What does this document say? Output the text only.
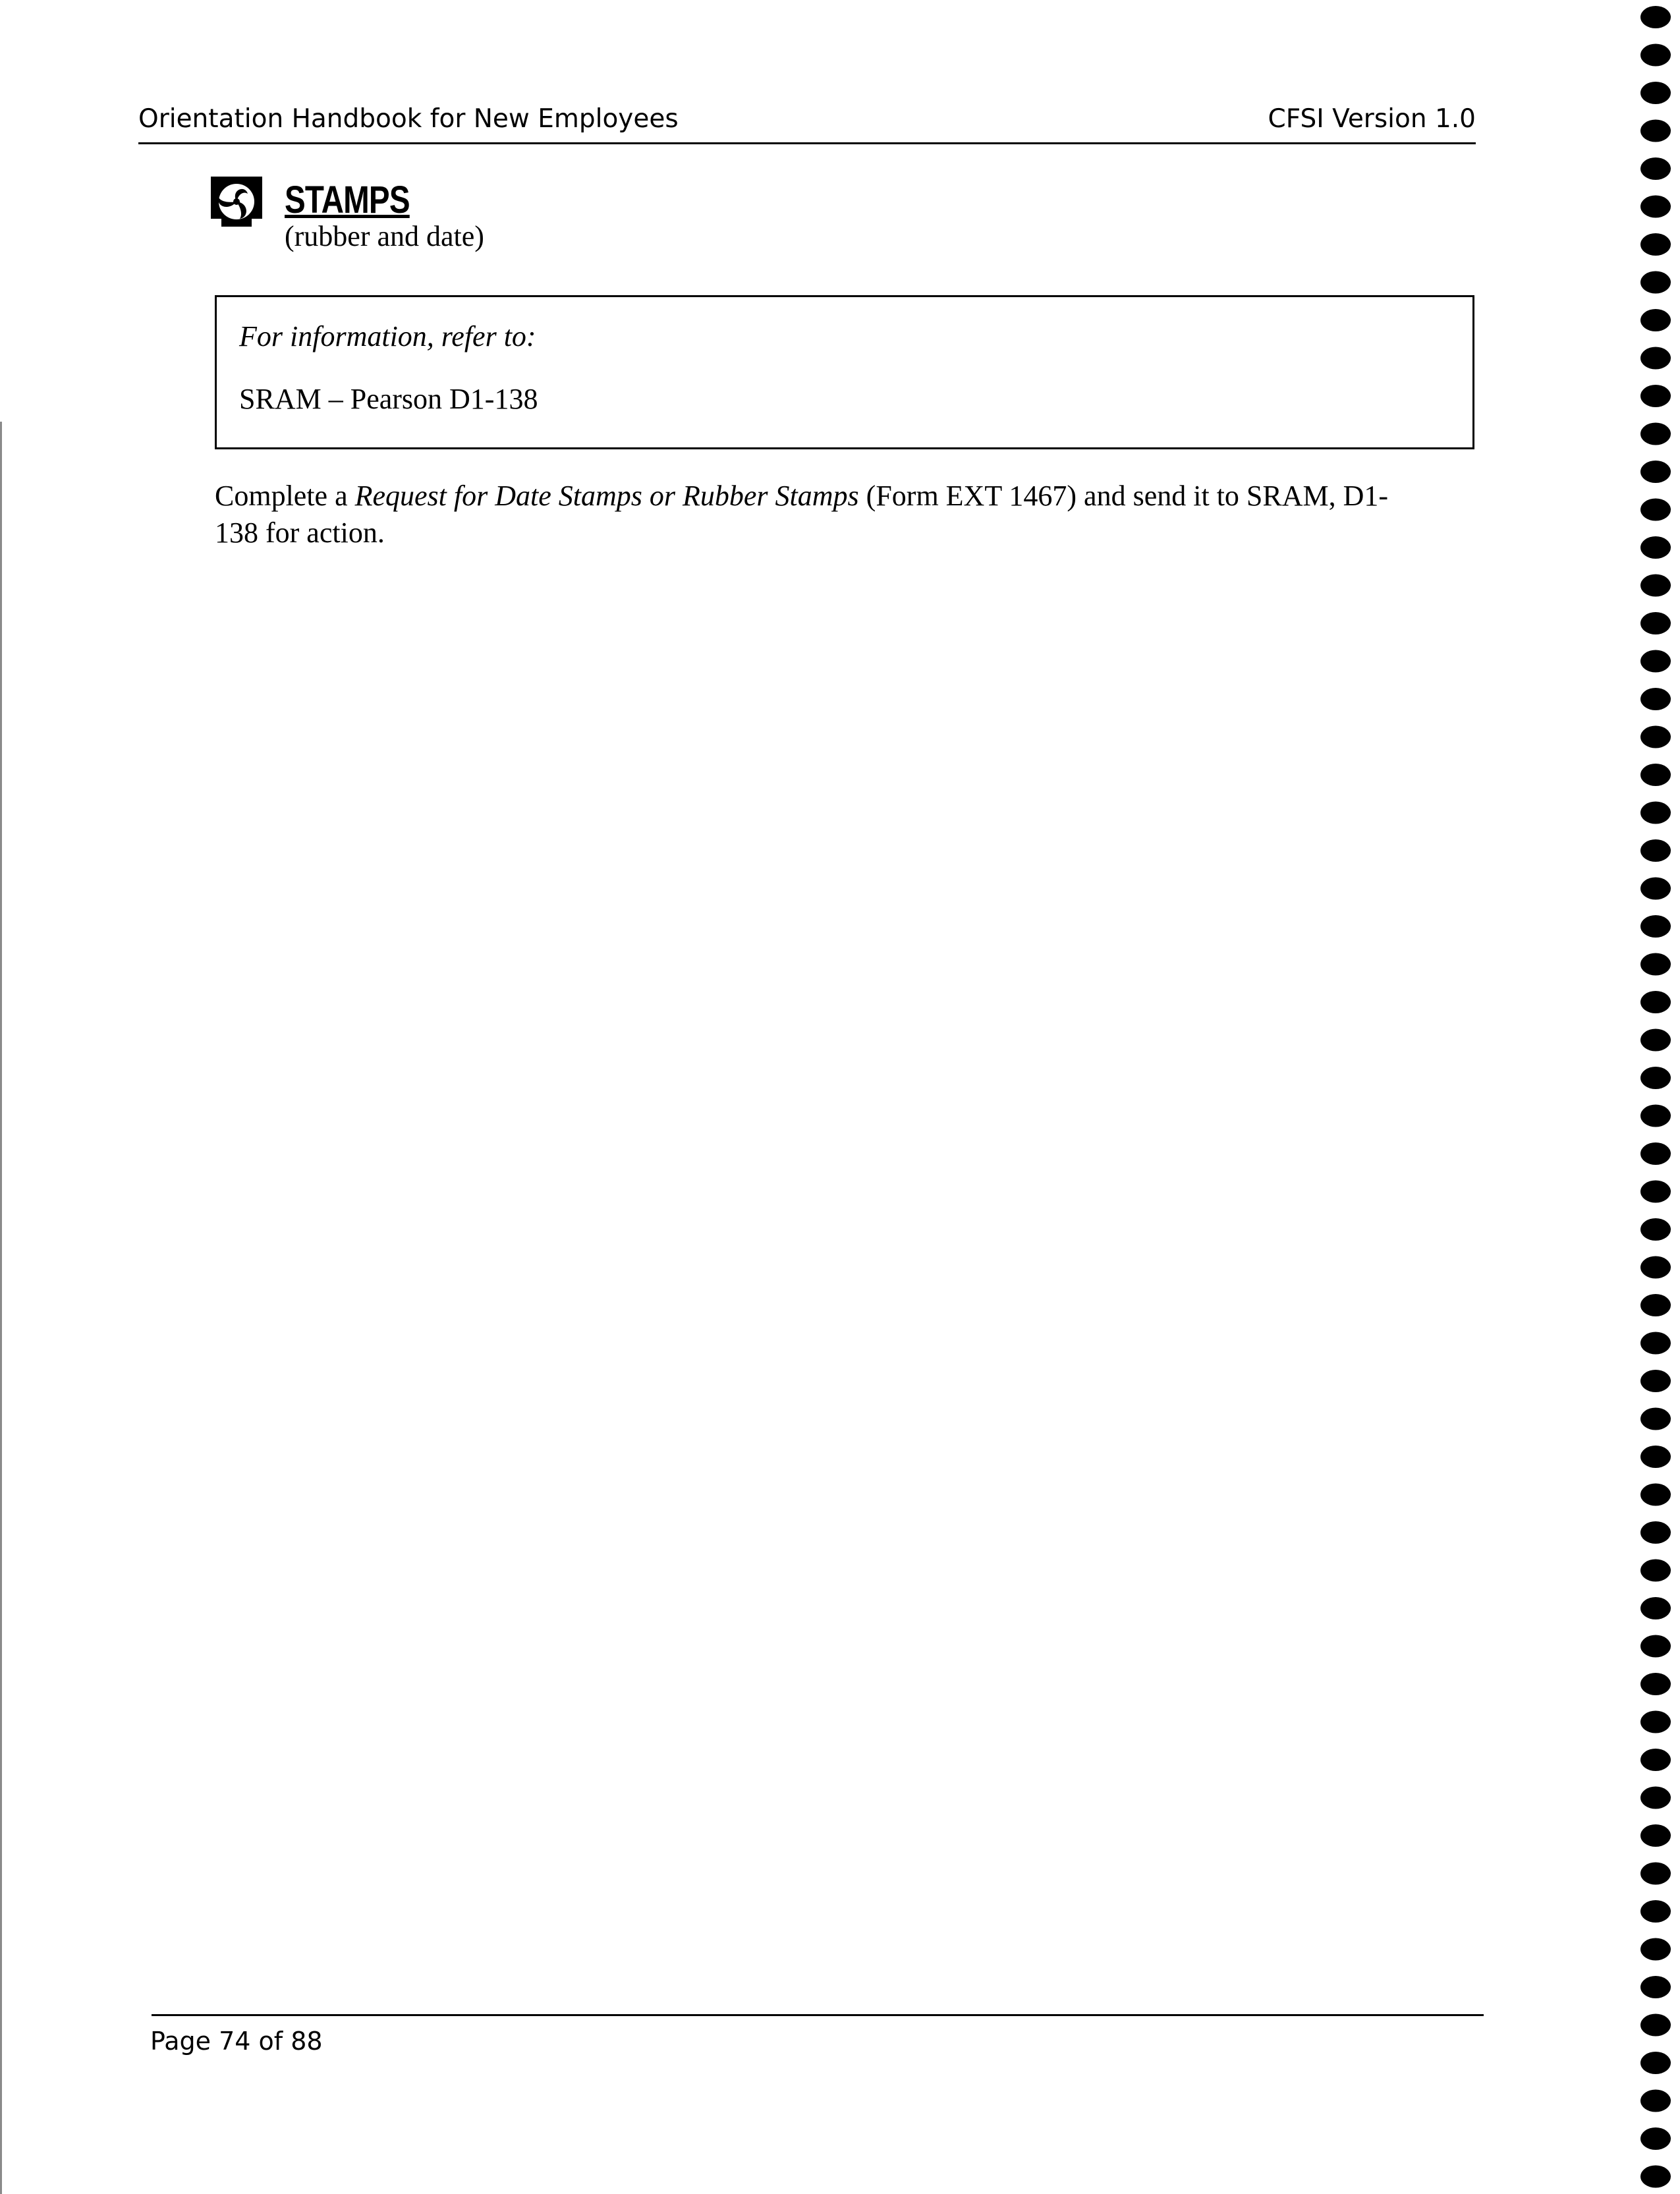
Orientation Handbook for New Employees	CFSI Version 1.0
STAMPS
(rubber and date)
For information, refer to:
SRAM – Pearson D1-138
Complete a Request for Date Stamps or Rubber Stamps (Form EXT 1467) and send it to SRAM, D1-
138 for action.
Page 74 of 88
